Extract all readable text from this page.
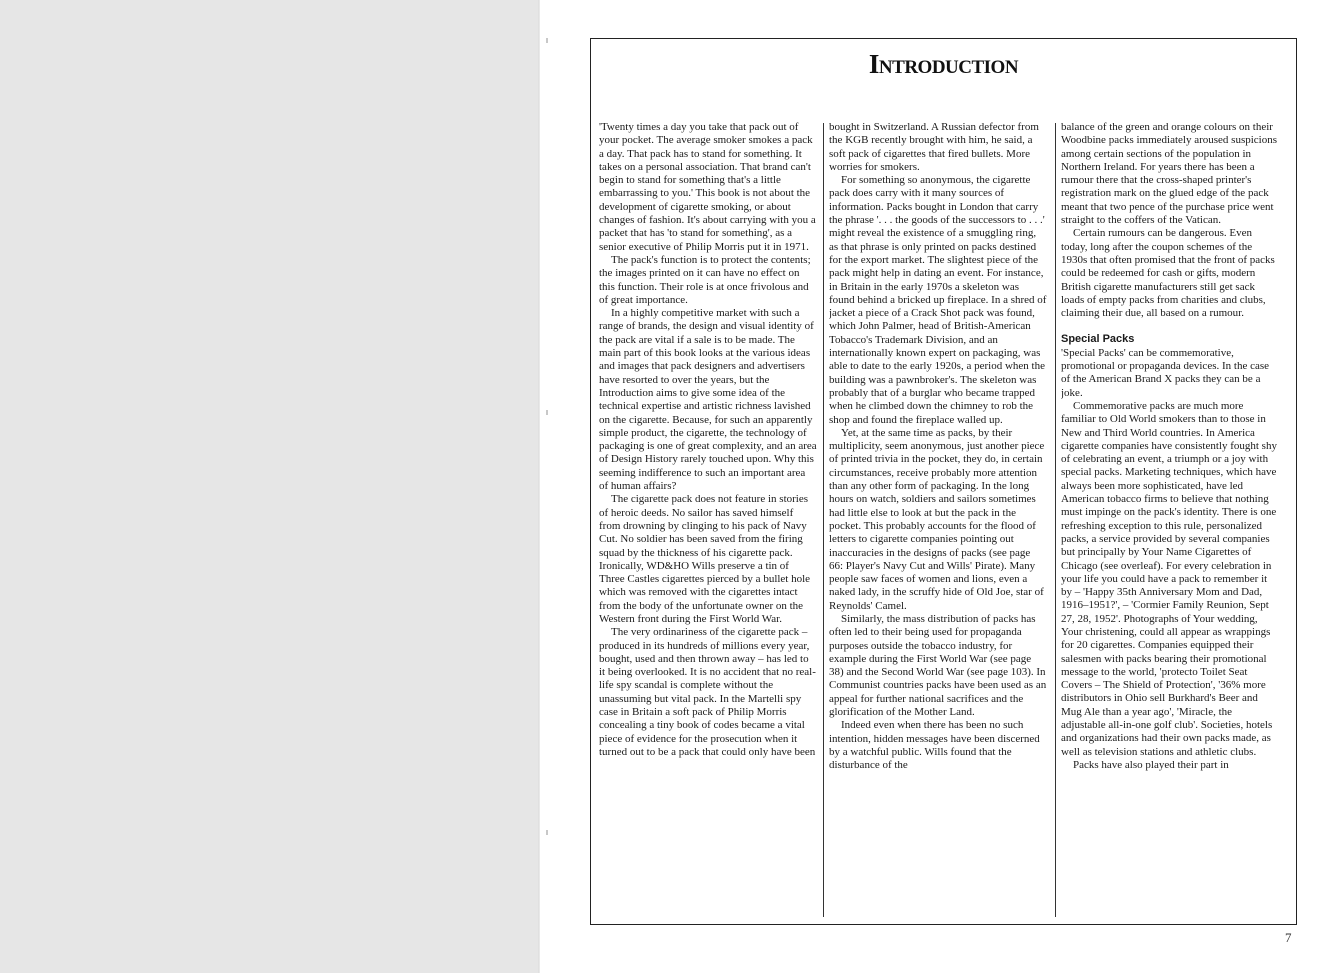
Introduction

'Twenty times a day you take that pack out of your pocket. The average smoker smokes a pack a day. That pack has to stand for something. It takes on a personal association. That brand can't begin to stand for something that's a little embarrassing to you.' This book is not about the development of cigarette smoking, or about changes of fashion. It's about carrying with you a packet that has 'to stand for something', as a senior executive of Philip Morris put it in 1971.

The pack's function is to protect the contents; the images printed on it can have no effect on this function. Their role is at once frivolous and of great importance.

In a highly competitive market with such a range of brands, the design and visual identity of the pack are vital if a sale is to be made. The main part of this book looks at the various ideas and images that pack designers and advertisers have resorted to over the years, but the Introduction aims to give some idea of the technical expertise and artistic richness lavished on the cigarette. Because, for such an apparently simple product, the cigarette, the technology of packaging is one of great complexity, and an area of Design History rarely touched upon. Why this seeming indifference to such an important area of human affairs?

The cigarette pack does not feature in stories of heroic deeds. No sailor has saved himself from drowning by clinging to his pack of Navy Cut. No soldier has been saved from the firing squad by the thickness of his cigarette pack. Ironically, WD&HO Wills preserve a tin of Three Castles cigarettes pierced by a bullet hole which was removed with the cigarettes intact from the body of the unfortunate owner on the Western front during the First World War.

The very ordinariness of the cigarette pack – produced in its hundreds of millions every year, bought, used and then thrown away – has led to it being overlooked. It is no accident that no real-life spy scandal is complete without the unassuming but vital pack. In the Martelli spy case in Britain a soft pack of Philip Morris concealing a tiny book of codes became a vital piece of evidence for the prosecution when it turned out to be a pack that could only have been

bought in Switzerland. A Russian defector from the KGB recently brought with him, he said, a soft pack of cigarettes that fired bullets. More worries for smokers.

For something so anonymous, the cigarette pack does carry with it many sources of information. Packs bought in London that carry the phrase '. . . the goods of the successors to . . .' might reveal the existence of a smuggling ring, as that phrase is only printed on packs destined for the export market. The slightest piece of the pack might help in dating an event. For instance, in Britain in the early 1970s a skeleton was found behind a bricked up fireplace. In a shred of jacket a piece of a Crack Shot pack was found, which John Palmer, head of British-American Tobacco's Trademark Division, and an internationally known expert on packaging, was able to date to the early 1920s, a period when the building was a pawnbroker's. The skeleton was probably that of a burglar who became trapped when he climbed down the chimney to rob the shop and found the fireplace walled up.

Yet, at the same time as packs, by their multiplicity, seem anonymous, just another piece of printed trivia in the pocket, they do, in certain circumstances, receive probably more attention than any other form of packaging. In the long hours on watch, soldiers and sailors sometimes had little else to look at but the pack in the pocket. This probably accounts for the flood of letters to cigarette companies pointing out inaccuracies in the designs of packs (see page 66: Player's Navy Cut and Wills' Pirate). Many people saw faces of women and lions, even a naked lady, in the scruffy hide of Old Joe, star of Reynolds' Camel.

Similarly, the mass distribution of packs has often led to their being used for propaganda purposes outside the tobacco industry, for example during the First World War (see page 38) and the Second World War (see page 103). In Communist countries packs have been used as an appeal for further national sacrifices and the glorification of the Mother Land.

Indeed even when there has been no such intention, hidden messages have been discerned by a watchful public. Wills found that the disturbance of the

balance of the green and orange colours on their Woodbine packs immediately aroused suspicions among certain sections of the population in Northern Ireland. For years there has been a rumour there that the cross-shaped printer's registration mark on the glued edge of the pack meant that two pence of the purchase price went straight to the coffers of the Vatican.

Certain rumours can be dangerous. Even today, long after the coupon schemes of the 1930s that often promised that the front of packs could be redeemed for cash or gifts, modern British cigarette manufacturers still get sack loads of empty packs from charities and clubs, claiming their due, all based on a rumour.

Special Packs

'Special Packs' can be commemorative, promotional or propaganda devices. In the case of the American Brand X packs they can be a joke.

Commemorative packs are much more familiar to Old World smokers than to those in New and Third World countries. In America cigarette companies have consistently fought shy of celebrating an event, a triumph or a joy with special packs. Marketing techniques, which have always been more sophisticated, have led American tobacco firms to believe that nothing must impinge on the pack's identity. There is one refreshing exception to this rule, personalized packs, a service provided by several companies but principally by Your Name Cigarettes of Chicago (see overleaf). For every celebration in your life you could have a pack to remember it by – 'Happy 35th Anniversary Mom and Dad, 1916–1951?', – 'Cormier Family Reunion, Sept 27, 28, 1952'. Photographs of Your wedding, Your christening, could all appear as wrappings for 20 cigarettes. Companies equipped their salesmen with packs bearing their promotional message to the world, 'protecto Toilet Seat Covers – The Shield of Protection', '36% more distributors in Ohio sell Burkhard's Beer and Mug Ale than a year ago', 'Miracle, the adjustable all-in-one golf club'. Societies, hotels and organizations had their own packs made, as well as television stations and athletic clubs.

Packs have also played their part in

7
